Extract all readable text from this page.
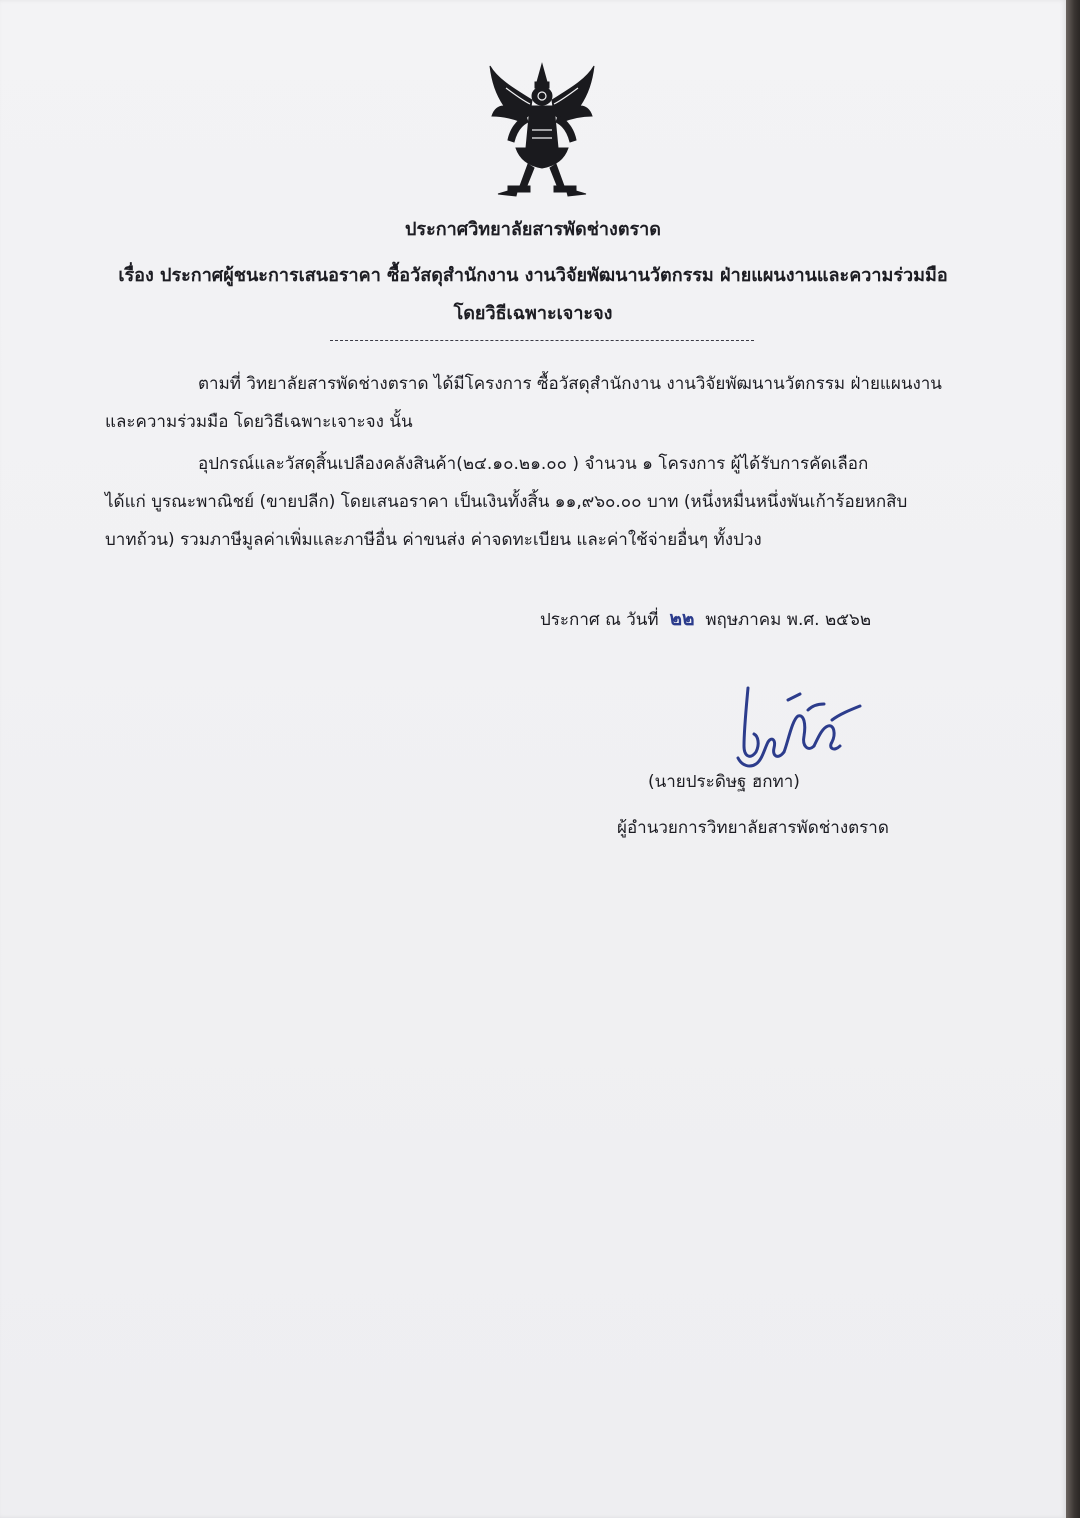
ประกาศวิทยาลัยสารพัดช่างตราด
เรื่อง ประกาศผู้ชนะการเสนอราคา ซื้อวัสดุสำนักงาน งานวิจัยพัฒนานวัตกรรม ฝ่ายแผนงานและความร่วมมือ
โดยวิธีเฉพาะเจาะจง
ตามที่ วิทยาลัยสารพัดช่างตราด ได้มีโครงการ ซื้อวัสดุสำนักงาน งานวิจัยพัฒนานวัตกรรม ฝ่ายแผนงาน
และความร่วมมือ โดยวิธีเฉพาะเจาะจง นั้น
อุปกรณ์และวัสดุสิ้นเปลืองคลังสินค้า(๒๔.๑๐.๒๑.๐๐ ) จำนวน ๑ โครงการ ผู้ได้รับการคัดเลือก
ได้แก่ บูรณะพาณิชย์ (ขายปลีก) โดยเสนอราคา เป็นเงินทั้งสิ้น ๑๑,๙๖๐.๐๐ บาท (หนึ่งหมื่นหนึ่งพันเก้าร้อยหกสิบ
บาทถ้วน) รวมภาษีมูลค่าเพิ่มและภาษีอื่น ค่าขนส่ง ค่าจดทะเบียน และค่าใช้จ่ายอื่นๆ ทั้งปวง
ประกาศ ณ วันที่ ๒๒ พฤษภาคม พ.ศ. ๒๕๖๒
(นายประดิษฐ ฮกทา)
ผู้อำนวยการวิทยาลัยสารพัดช่างตราด
